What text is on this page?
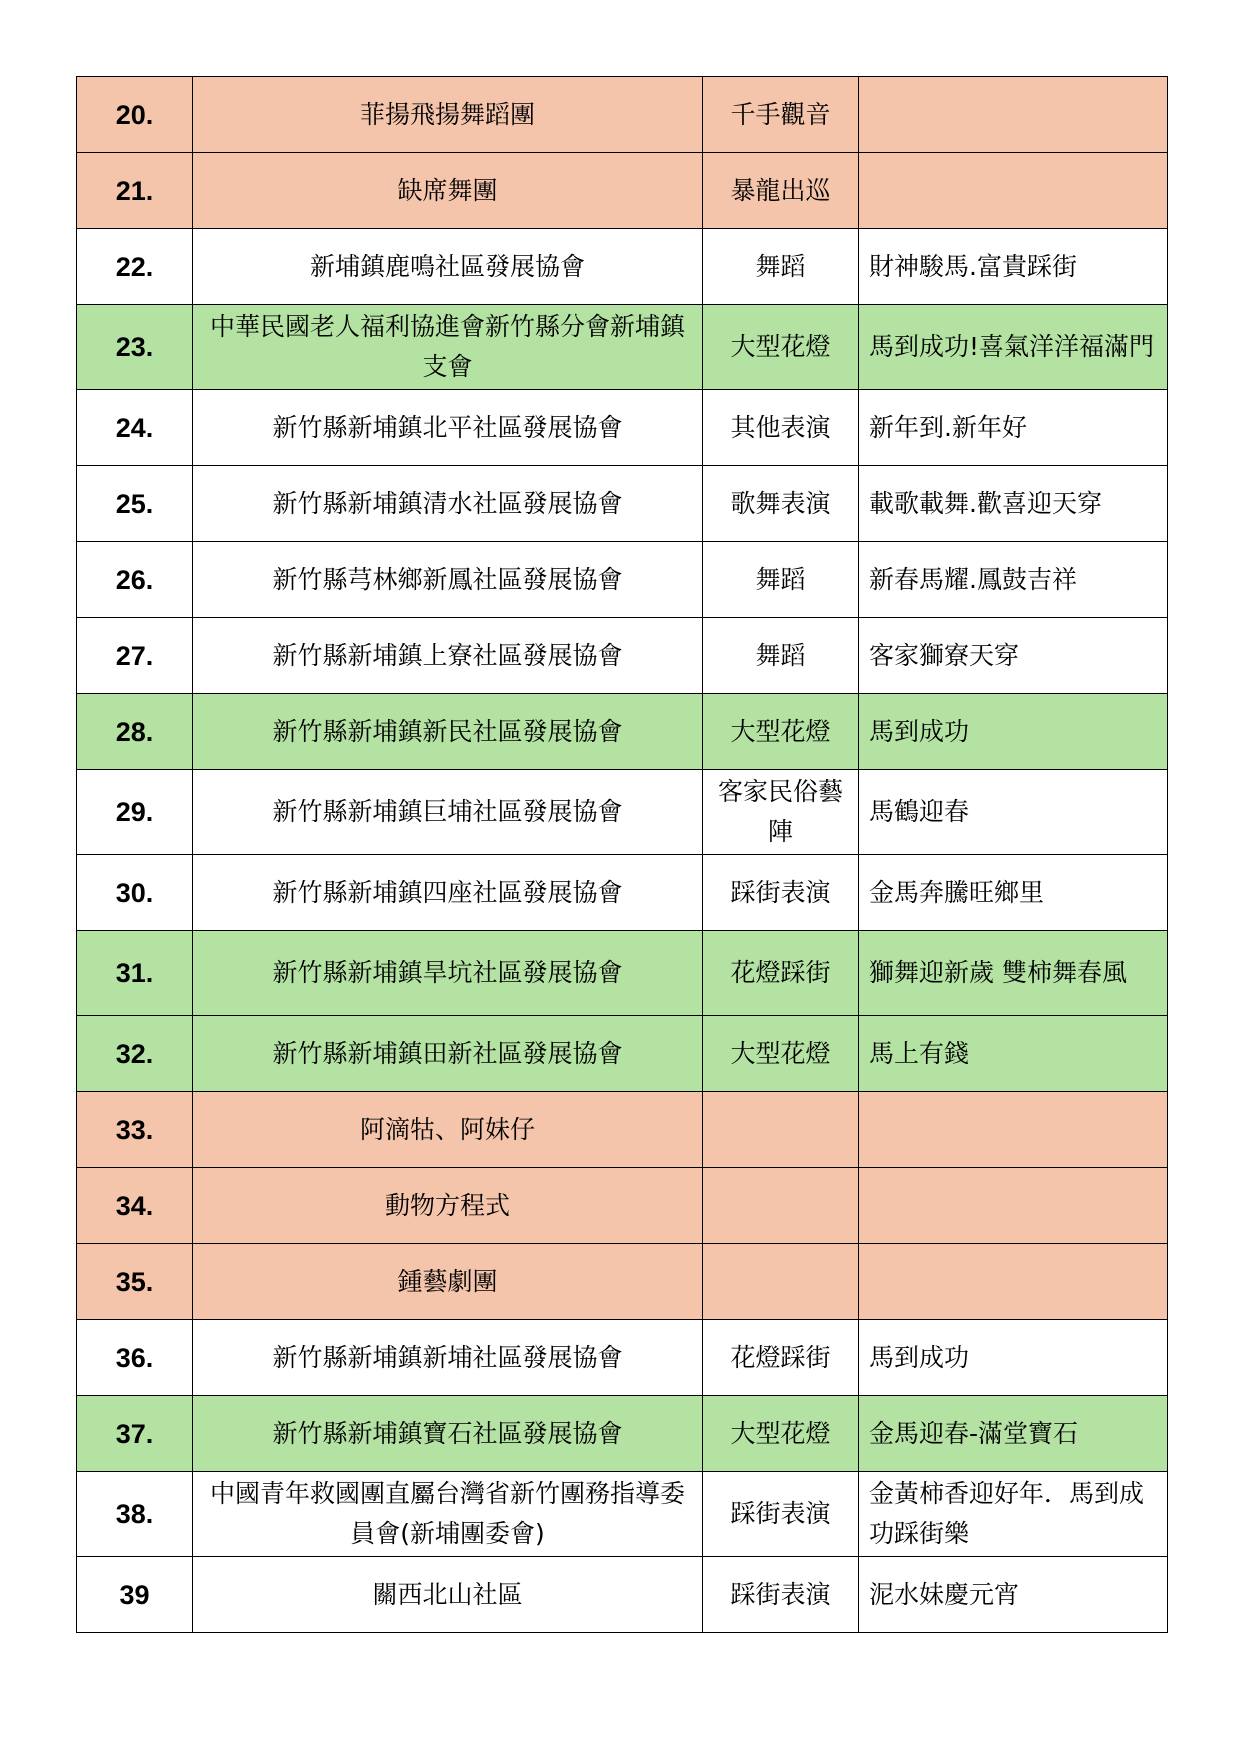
20.	菲揚飛揚舞蹈團	千手觀音	
21.	缺席舞團	暴龍出巡	
22.	新埔鎮鹿鳴社區發展協會	舞蹈	財神駿馬.富貴踩街
23.	中華民國老人福利協進會新竹縣分會新埔鎮支會	大型花燈	馬到成功!喜氣洋洋福滿門
24.	新竹縣新埔鎮北平社區發展協會	其他表演	新年到.新年好
25.	新竹縣新埔鎮清水社區發展協會	歌舞表演	載歌載舞.歡喜迎天穿
26.	新竹縣芎林鄉新鳳社區發展協會	舞蹈	新春馬耀.鳳鼓吉祥
27.	新竹縣新埔鎮上寮社區發展協會	舞蹈	客家獅寮天穿
28.	新竹縣新埔鎮新民社區發展協會	大型花燈	馬到成功
29.	新竹縣新埔鎮巨埔社區發展協會	客家民俗藝陣	馬鶴迎春
30.	新竹縣新埔鎮四座社區發展協會	踩街表演	金馬奔騰旺鄉里
31.	新竹縣新埔鎮旱坑社區發展協會	花燈踩街	獅舞迎新歲 雙柿舞春風
32.	新竹縣新埔鎮田新社區發展協會	大型花燈	馬上有錢
33.	阿滴牯、阿妹仔		
34.	動物方程式		
35.	鍾藝劇團		
36.	新竹縣新埔鎮新埔社區發展協會	花燈踩街	馬到成功
37.	新竹縣新埔鎮寶石社區發展協會	大型花燈	金馬迎春-滿堂寶石
38.	中國青年救國團直屬台灣省新竹團務指導委員會(新埔團委會)	踩街表演	金黃柿香迎好年．馬到成功踩街樂
39	關西北山社區	踩街表演	泥水妹慶元宵
